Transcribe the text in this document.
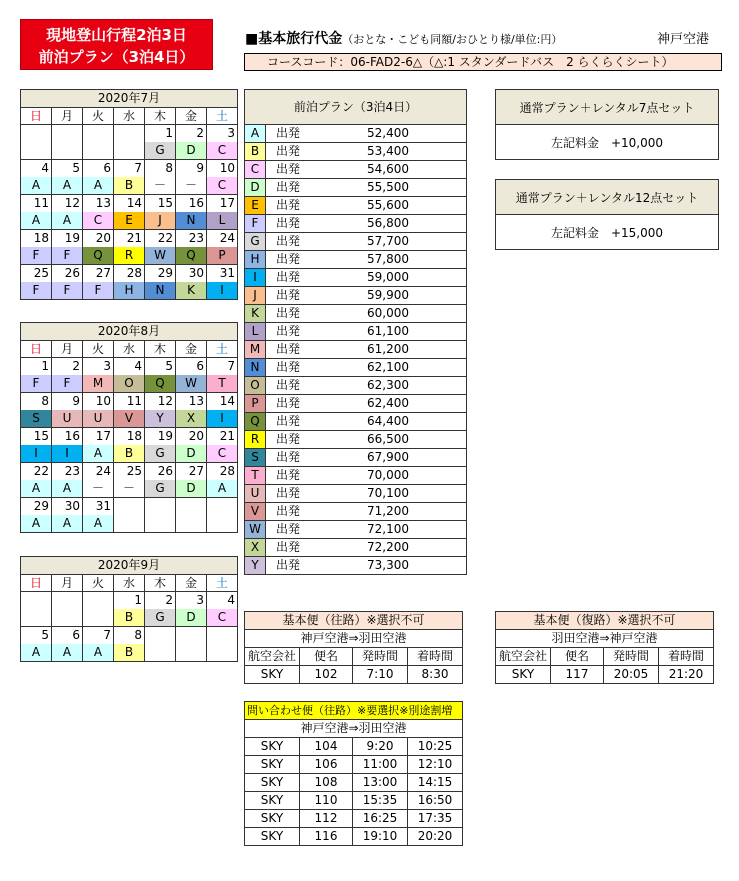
現地登山行程2泊3日
前泊プラン（3泊4日）
■基本旅行代金（おとな・こども同額/おひとり様/単位:円）	神戸空港
コースコード：06-FAD2-6△（△:1 スタンダードバス　2 らくらくシート）
2020年7月						
日	月	火	水	木	金	土
				1	2	3
				G	D	C
4	5	6	7	8	9	10
A	A	A	B	－	－	C
11	12	13	14	15	16	17
A	A	C	E	J	N	L
18	19	20	21	22	23	24
F	F	Q	R	W	Q	P
25	26	27	28	29	30	31
F	F	F	H	N	K	I
2020年8月						
日	月	火	水	木	金	土
1	2	3	4	5	6	7
F	F	M	O	Q	W	T
8	9	10	11	12	13	14
S	U	U	V	Y	X	I
15	16	17	18	19	20	21
I	I	A	B	G	D	C
22	23	24	25	26	27	28
A	A	－	－	G	D	A
29	30	31				
A	A	A				
2020年9月						
日	月	火	水	木	金	土
			1	2	3	4
			B	G	D	C
5	6	7	8			
A	A	A	B			
前泊プラン（3泊4日）		
A	出発	52,400
B	出発	53,400
C	出発	54,600
D	出発	55,500
E	出発	55,600
F	出発	56,800
G	出発	57,700
H	出発	57,800
I	出発	59,000
J	出発	59,900
K	出発	60,000
L	出発	61,100
M	出発	61,200
N	出発	62,100
O	出発	62,300
P	出発	62,400
Q	出発	64,400
R	出発	66,500
S	出発	67,900
T	出発	70,000
U	出発	70,100
V	出発	71,200
W	出発	72,100
X	出発	72,200
Y	出発	73,300
通常プラン＋レンタル7点セット
左記料金　+10,000
通常プラン＋レンタル12点セット
左記料金　+15,000
基本便（往路）※選択不可			
神戸空港⇒羽田空港			
航空会社	便名	発時間	着時間
SKY	102	7:10	8:30
基本便（復路）※選択不可			
羽田空港⇒神戸空港			
航空会社	便名	発時間	着時間
SKY	117	20:05	21:20
問い合わせ便（往路）※要選択※別途割増			
神戸空港⇒羽田空港			
SKY	104	9:20	10:25
SKY	106	11:00	12:10
SKY	108	13:00	14:15
SKY	110	15:35	16:50
SKY	112	16:25	17:35
SKY	116	19:10	20:20
